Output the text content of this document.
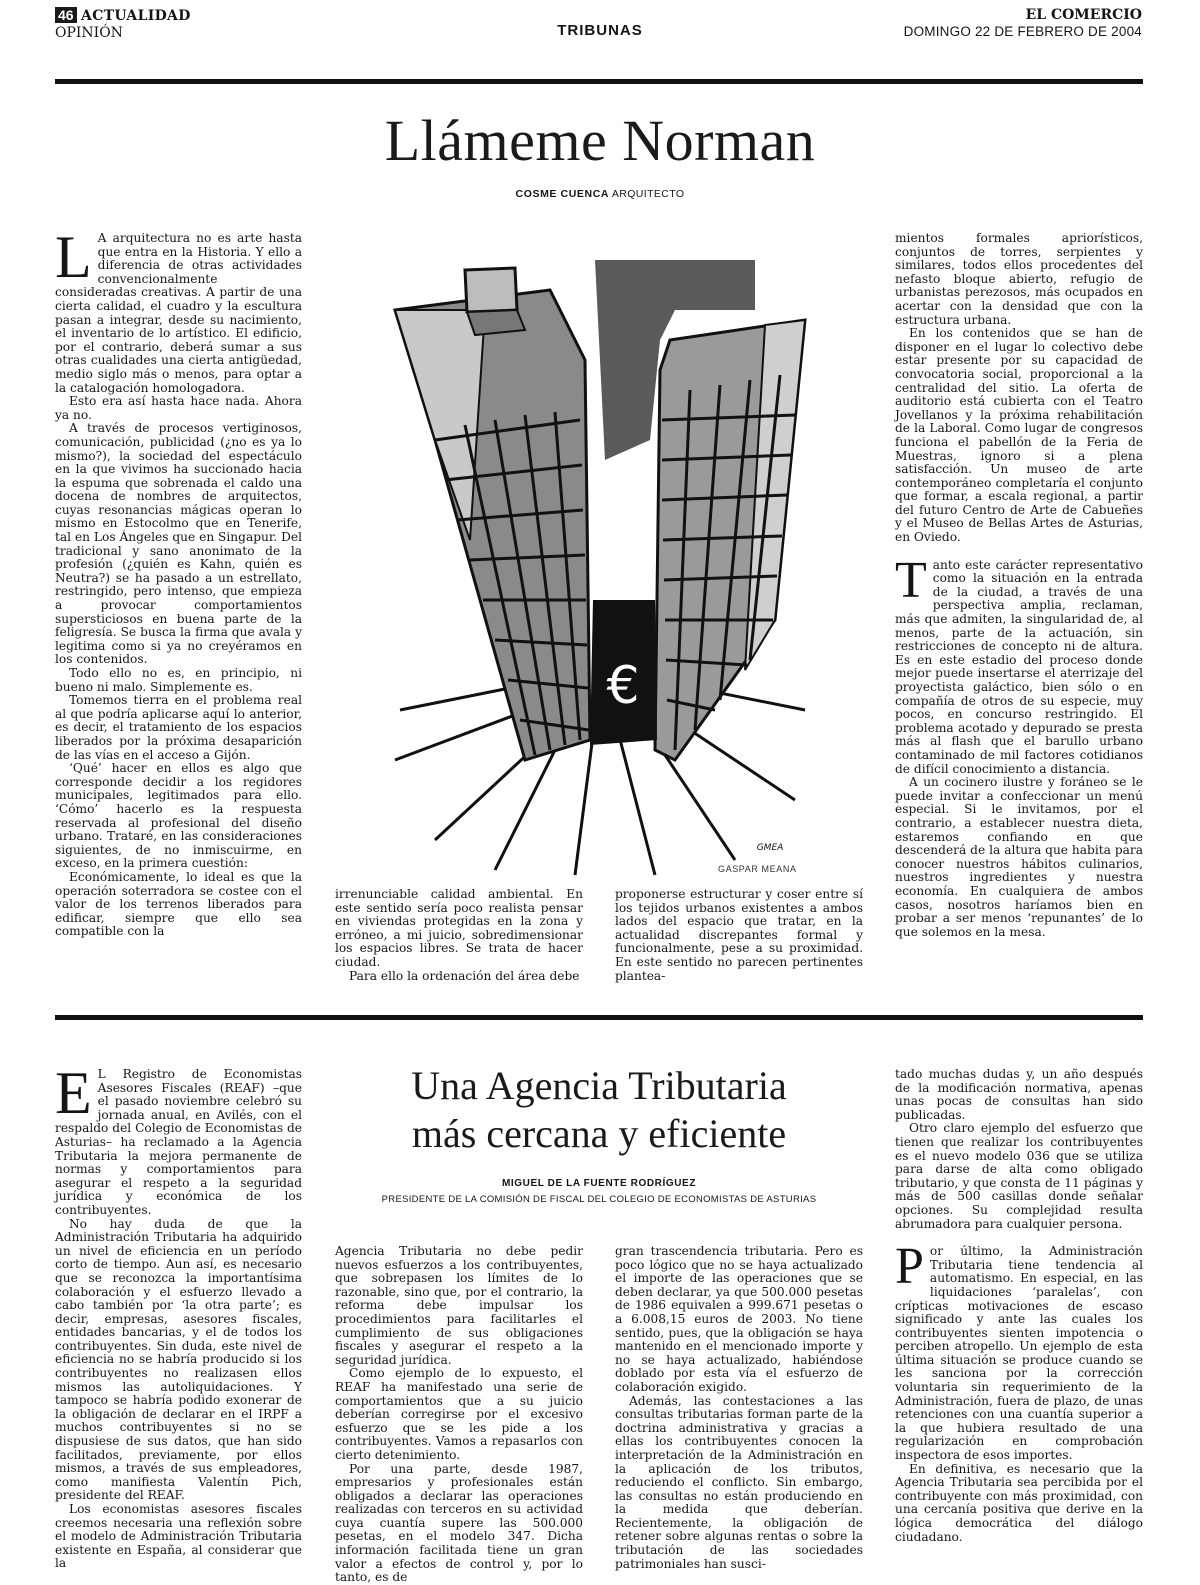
46 ACTUALIDAD
OPINIÓN	TRIBUNAS
EL COMERCIO
DOMINGO 22 DE FEBRERO DE 2004
Llámeme Norman
COSME CUENCA ARQUITECTO
L A arquitectura no es arte hasta que entra en la Historia. Y ello a diferencia de otras actividades convencionalmente consideradas creativas. A partir de una cierta calidad, el cuadro y la escultura pasan a integrar, desde su nacimiento, el inventario de lo artístico. El edificio, por el contrario, deberá sumar a sus otras cualidades una cierta antigüedad, medio siglo más o menos, para optar a la catalogación homologadora.

Esto era así hasta hace nada. Ahora ya no.

A través de procesos vertiginosos, comunicación, publicidad (¿no es ya lo mismo?), la sociedad del espectáculo en la que vivimos ha succionado hacia la espuma que sobrenada el caldo una docena de nombres de arquitectos, cuyas resonancias mágicas operan lo mismo en Estocolmo que en Tenerife, tal en Los Ángeles que en Singapur. Del tradicional y sano anonimato de la profesión (¿quién es Kahn, quién es Neutra?) se ha pasado a un estrellato, restringido, pero intenso, que empieza a provocar comportamientos supersticiosos en buena parte de la feligresía. Se busca la firma que avala y legitima como si ya no creyéramos en los contenidos.

Todo ello no es, en principio, ni bueno ni malo. Simplemente es.

Tomemos tierra en el problema real al que podría aplicarse aquí lo anterior, es decir, el tratamiento de los espacios liberados por la próxima desaparición de las vías en el acceso a Gijón.

‘Qué’ hacer en ellos es algo que corresponde decidir a los regidores municipales, legitimados para ello. ‘Cómo’ hacerlo es la respuesta reservada al profesional del diseño urbano. Trataré, en las consideraciones siguientes, de no inmiscuirme, en exceso, en la primera cuestión:

Económicamente, lo ideal es que la operación soterradora se costee con el valor de los terrenos liberados para edificar, siempre que ello sea compatible con la

€
GMEA
GASPAR MEANA

irrenunciable calidad ambiental. En este sentido sería poco realista pensar en viviendas protegidas en la zona y erróneo, a mi juicio, sobredimensionar los espacios libres. Se trata de hacer ciudad.

Para ello la ordenación del área debe

proponerse estructurar y coser entre sí los tejidos urbanos existentes a ambos lados del espacio que tratar, en la actualidad discrepantes formal y funcionalmente, pese a su proximidad. En este sentido no parecen pertinentes plantea-

mientos formales apriorísticos, conjuntos de torres, serpientes y similares, todos ellos procedentes del nefasto bloque abierto, refugio de urbanistas perezosos, más ocupados en acertar con la densidad que con la estructura urbana.

En los contenidos que se han de disponer en el lugar lo colectivo debe estar presente por su capacidad de convocatoria social, proporcional a la centralidad del sitio. La oferta de auditorio está cubierta con el Teatro Jovellanos y la próxima rehabilitación de la Laboral. Como lugar de congresos funciona el pabellón de la Feria de Muestras, ignoro si a plena satisfacción. Un museo de arte contemporáneo completaría el conjunto que formar, a escala regional, a partir del futuro Centro de Arte de Cabueñes y el Museo de Bellas Artes de Asturias, en Oviedo.

T anto este carácter representativo como la situación en la entrada de la ciudad, a través de una perspectiva amplia, reclaman, más que admiten, la singularidad de, al menos, parte de la actuación, sin restricciones de concepto ni de altura. Es en este estadio del proceso donde mejor puede insertarse el aterrizaje del proyectista galáctico, bien sólo o en compañía de otros de su especie, muy pocos, en concurso restringido. El problema acotado y depurado se presta más al flash que el barullo urbano contaminado de mil factores cotidianos de difícil conocimiento a distancia.

A un cocinero ilustre y foráneo se le puede invitar a confeccionar un menú especial. Si le invitamos, por el contrario, a establecer nuestra dieta, estaremos confiando en que descenderá de la altura que habita para conocer nuestros hábitos culinarios, nuestros ingredientes y nuestra economía. En cualquiera de ambos casos, nosotros haríamos bien en probar a ser menos ‘repunantes’ de lo que solemos en la mesa.

Una Agencia Tributaria
más cercana y eficiente
MIGUEL DE LA FUENTE RODRÍGUEZ
PRESIDENTE DE LA COMISIÓN DE FISCAL DEL COLEGIO DE ECONOMISTAS DE ASTURIAS
E L Registro de Economistas Asesores Fiscales (REAF) –que el pasado noviembre celebró su jornada anual, en Avilés, con el respaldo del Colegio de Economistas de Asturias– ha reclamado a la Agencia Tributaria la mejora permanente de normas y comportamientos para asegurar el respeto a la seguridad jurídica y económica de los contribuyentes.

No hay duda de que la Administración Tributaria ha adquirido un nivel de eficiencia en un período corto de tiempo. Aun así, es necesario que se reconozca la importantísima colaboración y el esfuerzo llevado a cabo también por ‘la otra parte’; es decir, empresas, asesores fiscales, entidades bancarias, y el de todos los contribuyentes. Sin duda, este nivel de eficiencia no se habría producido si los contribuyentes no realizasen ellos mismos las autoliquidaciones. Y tampoco se habría podido exonerar de la obligación de declarar en el IRPF a muchos contribuyentes si no se dispusiese de sus datos, que han sido facilitados, previamente, por ellos mismos, a través de sus empleadores, como manifiesta Valentín Pich, presidente del REAF.

Los economistas asesores fiscales creemos necesaria una reflexión sobre el modelo de Administración Tributaria existente en España, al considerar que la

Agencia Tributaria no debe pedir nuevos esfuerzos a los contribuyentes, que sobrepasen los límites de lo razonable, sino que, por el contrario, la reforma debe impulsar los procedimientos para facilitarles el cumplimiento de sus obligaciones fiscales y asegurar el respeto a la seguridad jurídica.

Como ejemplo de lo expuesto, el REAF ha manifestado una serie de comportamientos que a su juicio deberían corregirse por el excesivo esfuerzo que se les pide a los contribuyentes. Vamos a repasarlos con cierto detenimiento.

Por una parte, desde 1987, empresarios y profesionales están obligados a declarar las operaciones realizadas con terceros en su actividad cuya cuantía supere las 500.000 pesetas, en el modelo 347. Dicha información facilitada tiene un gran valor a efectos de control y, por lo tanto, es de

gran trascendencia tributaria. Pero es poco lógico que no se haya actualizado el importe de las operaciones que se deben declarar, ya que 500.000 pesetas de 1986 equivalen a 999.671 pesetas o a 6.008,15 euros de 2003. No tiene sentido, pues, que la obligación se haya mantenido en el mencionado importe y no se haya actualizado, habiéndose doblado por esta vía el esfuerzo de colaboración exigido.

Además, las contestaciones a las consultas tributarias forman parte de la doctrina administrativa y gracias a ellas los contribuyentes conocen la interpretación de la Administración en la aplicación de los tributos, reduciendo el conflicto. Sin embargo, las consultas no están produciendo en la medida que deberían. Recientemente, la obligación de retener sobre algunas rentas o sobre la tributación de las sociedades patrimoniales han susci-

tado muchas dudas y, un año después de la modificación normativa, apenas unas pocas de consultas han sido publicadas.

Otro claro ejemplo del esfuerzo que tienen que realizar los contribuyentes es el nuevo modelo 036 que se utiliza para darse de alta como obligado tributario, y que consta de 11 páginas y más de 500 casillas donde señalar opciones. Su complejidad resulta abrumadora para cualquier persona.

P or último, la Administración Tributaria tiene tendencia al automatismo. En especial, en las liquidaciones ‘paralelas’, con crípticas motivaciones de escaso significado y ante las cuales los contribuyentes sienten impotencia o perciben atropello. Un ejemplo de esta última situación se produce cuando se les sanciona por la corrección voluntaria sin requerimiento de la Administración, fuera de plazo, de unas retenciones con una cuantía superior a la que hubiera resultado de una regularización en comprobación inspectora de esos importes.

En definitiva, es necesario que la Agencia Tributaria sea percibida por el contribuyente con más proximidad, con una cercanía positiva que derive en la lógica democrática del diálogo ciudadano.
